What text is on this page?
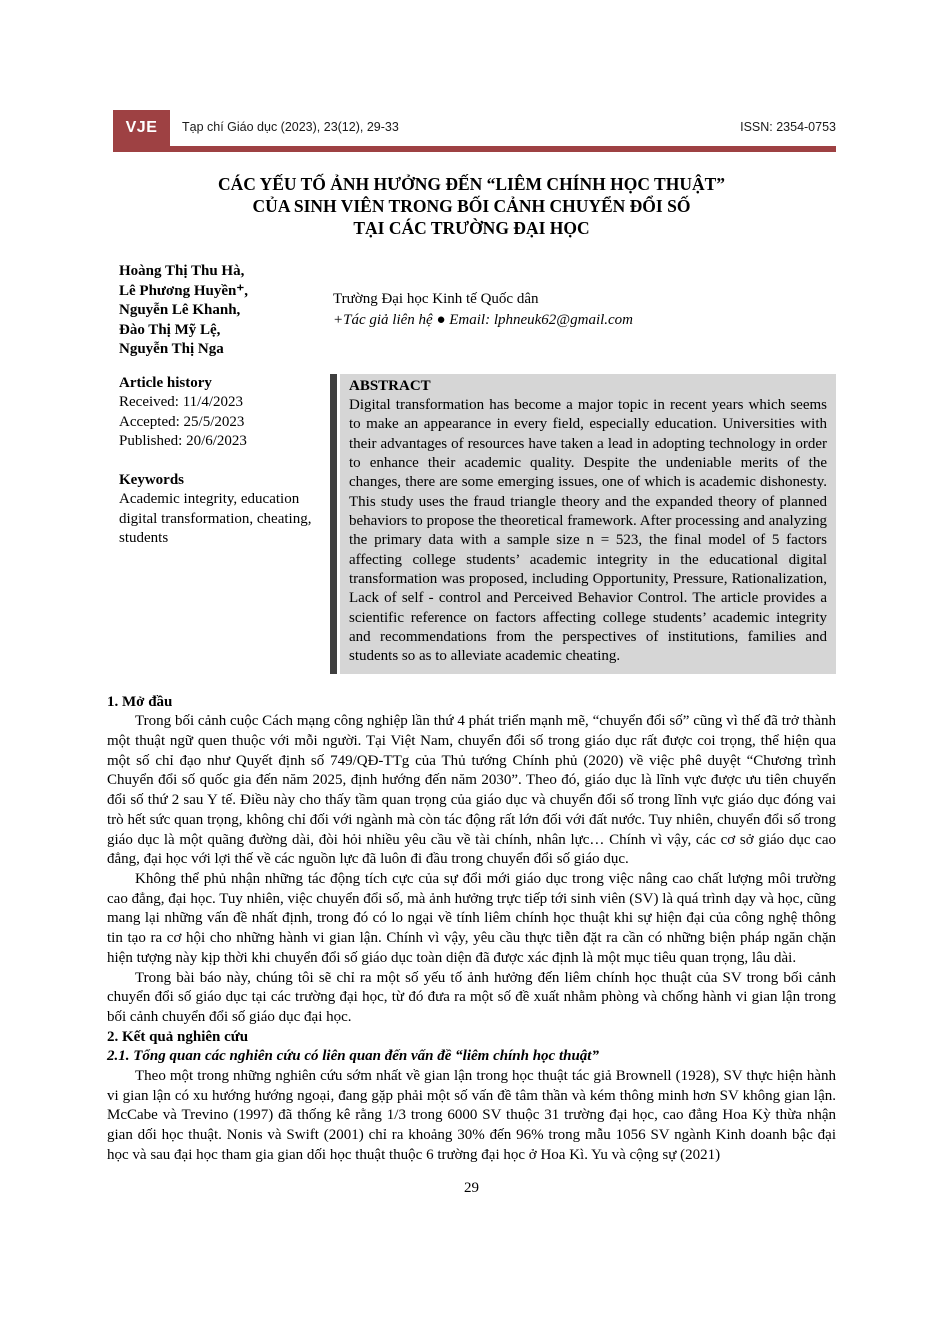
VJE Tạp chí Giáo dục (2023), 23(12), 29-33	ISSN: 2354-0753
CÁC YẾU TỐ ẢNH HƯỞNG ĐẾN “LIÊM CHÍNH HỌC THUẬT”
CỦA SINH VIÊN TRONG BỐI CẢNH CHUYỂN ĐỔI SỐ
TẠI CÁC TRƯỜNG ĐẠI HỌC
Hoàng Thị Thu Hà,
Lê Phương Huyền⁺,
Nguyễn Lê Khanh,
Đào Thị Mỹ Lệ,
Nguyễn Thị Nga
Trường Đại học Kinh tế Quốc dân
+Tác giả liên hệ ● Email: lphneuk62@gmail.com
Article history
Received: 11/4/2023
Accepted: 25/5/2023
Published: 20/6/2023
Keywords
Academic integrity, education digital transformation, cheating, students
ABSTRACT
Digital transformation has become a major topic in recent years which seems to make an appearance in every field, especially education. Universities with their advantages of resources have taken a lead in adopting technology in order to enhance their academic quality. Despite the undeniable merits of the changes, there are some emerging issues, one of which is academic dishonesty. This study uses the fraud triangle theory and the expanded theory of planned behaviors to propose the theoretical framework. After processing and analyzing the primary data with a sample size n = 523, the final model of 5 factors affecting college students’ academic integrity in the educational digital transformation was proposed, including Opportunity, Pressure, Rationalization, Lack of self - control and Perceived Behavior Control. The article provides a scientific reference on factors affecting college students’ academic integrity and recommendations from the perspectives of institutions, families and students so as to alleviate academic cheating.
1. Mở đầu

Trong bối cảnh cuộc Cách mạng công nghiệp lần thứ 4 phát triển mạnh mẽ, “chuyển đổi số” cũng vì thế đã trở thành một thuật ngữ quen thuộc với mỗi người. Tại Việt Nam, chuyển đổi số trong giáo dục rất được coi trọng, thể hiện qua một số chỉ đạo như Quyết định số 749/QĐ-TTg của Thủ tướng Chính phủ (2020) về việc phê duyệt “Chương trình Chuyển đổi số quốc gia đến năm 2025, định hướng đến năm 2030”. Theo đó, giáo dục là lĩnh vực được ưu tiên chuyển đổi số thứ 2 sau Y tế. Điều này cho thấy tầm quan trọng của giáo dục và chuyển đổi số trong lĩnh vực giáo dục đóng vai trò hết sức quan trọng, không chỉ đối với ngành mà còn tác động rất lớn đối với đất nước. Tuy nhiên, chuyển đổi số trong giáo dục là một quãng đường dài, đòi hỏi nhiều yêu cầu về tài chính, nhân lực… Chính vì vậy, các cơ sở giáo dục cao đẳng, đại học với lợi thế về các nguồn lực đã luôn đi đầu trong chuyển đổi số giáo dục.

Không thể phủ nhận những tác động tích cực của sự đổi mới giáo dục trong việc nâng cao chất lượng môi trường cao đẳng, đại học. Tuy nhiên, việc chuyển đổi số, mà ảnh hưởng trực tiếp tới sinh viên (SV) là quá trình dạy và học, cũng mang lại những vấn đề nhất định, trong đó có lo ngại về tính liêm chính học thuật khi sự hiện đại của công nghệ thông tin tạo ra cơ hội cho những hành vi gian lận. Chính vì vậy, yêu cầu thực tiễn đặt ra cần có những biện pháp ngăn chặn hiện tượng này kịp thời khi chuyển đổi số giáo dục toàn diện đã được xác định là một mục tiêu quan trọng, lâu dài.

Trong bài báo này, chúng tôi sẽ chỉ ra một số yếu tố ảnh hưởng đến liêm chính học thuật của SV trong bối cảnh chuyển đổi số giáo dục tại các trường đại học, từ đó đưa ra một số đề xuất nhằm phòng và chống hành vi gian lận trong bối cảnh chuyển đổi số giáo dục đại học.

2. Kết quả nghiên cứu
2.1. Tổng quan các nghiên cứu có liên quan đến vấn đề “liêm chính học thuật”

Theo một trong những nghiên cứu sớm nhất về gian lận trong học thuật tác giả Brownell (1928), SV thực hiện hành vi gian lận có xu hướng hướng ngoại, đang gặp phải một số vấn đề tâm thần và kém thông minh hơn SV không gian lận. McCabe và Trevino (1997) đã thống kê rằng 1/3 trong 6000 SV thuộc 31 trường đại học, cao đẳng Hoa Kỳ thừa nhận gian dối học thuật. Nonis và Swift (2001) chỉ ra khoảng 30% đến 96% trong mẫu 1056 SV ngành Kinh doanh bậc đại học và sau đại học tham gia gian dối học thuật thuộc 6 trường đại học ở Hoa Kì. Yu và cộng sự (2021)

29
